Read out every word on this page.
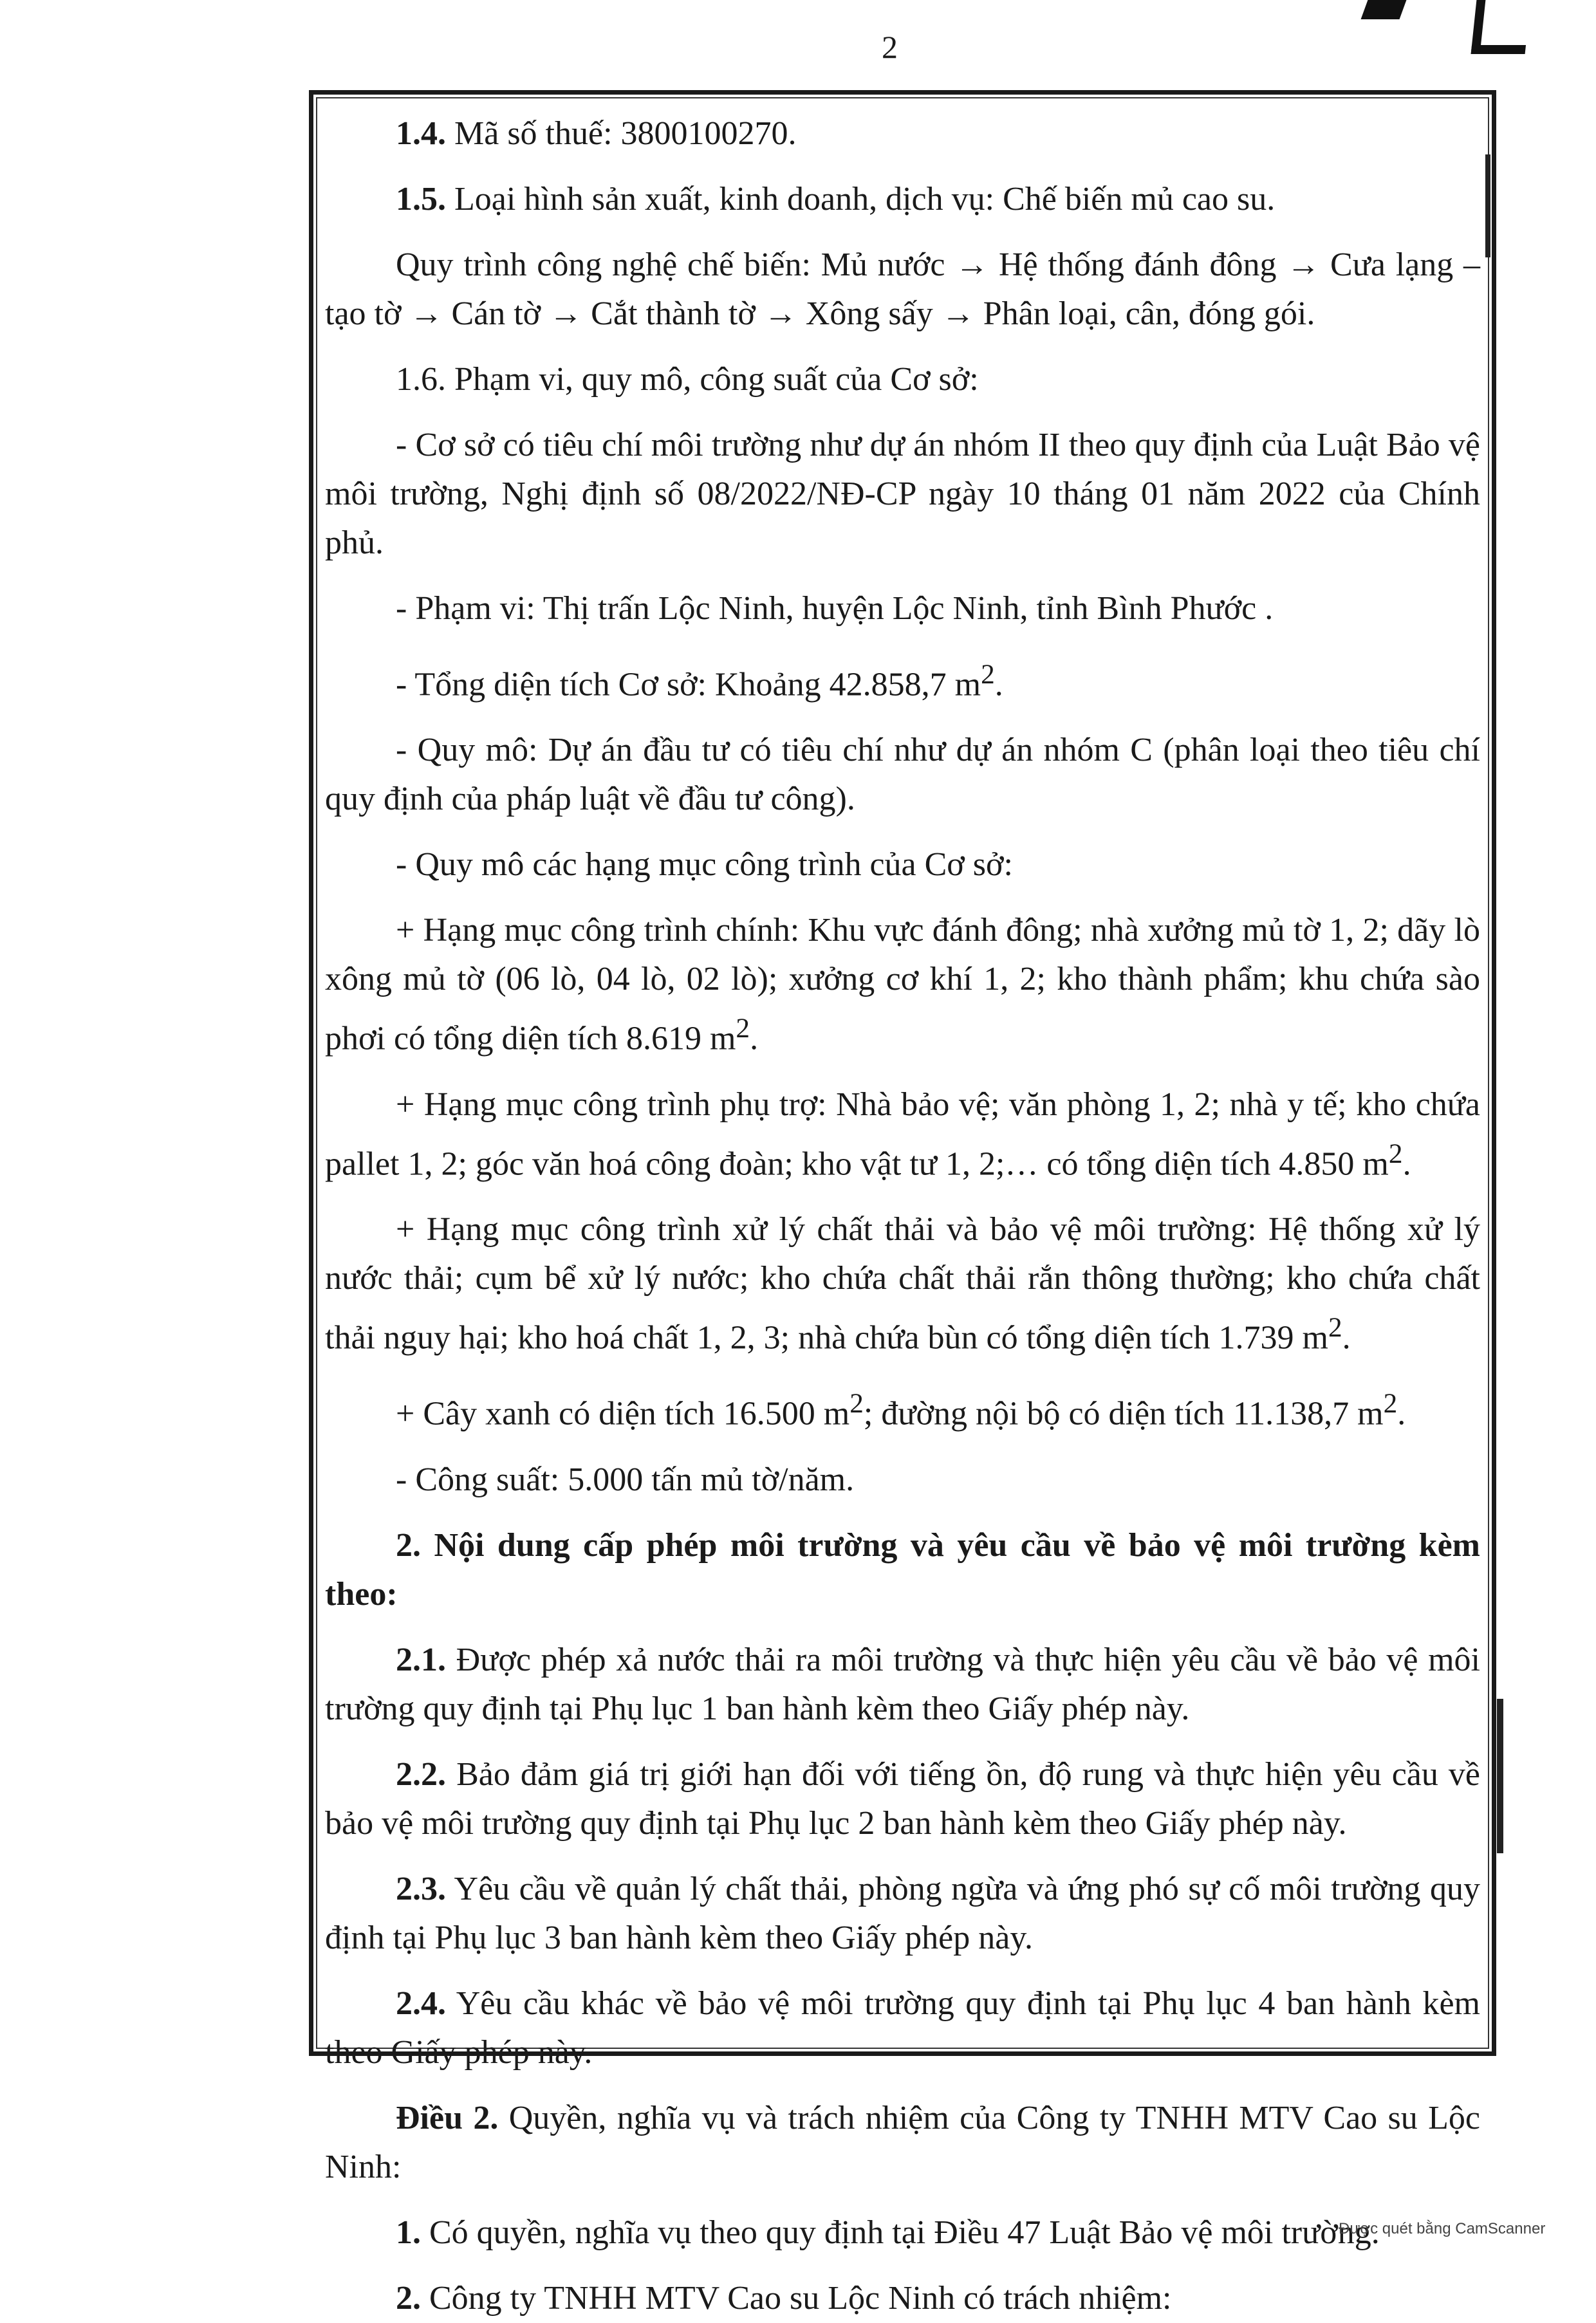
2

1.4. Mã số thuế: 3800100270.

1.5. Loại hình sản xuất, kinh doanh, dịch vụ: Chế biến mủ cao su.

Quy trình công nghệ chế biến: Mủ nước → Hệ thống đánh đông → Cưa lạng – tạo tờ → Cán tờ → Cắt thành tờ → Xông sấy → Phân loại, cân, đóng gói.

1.6. Phạm vi, quy mô, công suất của Cơ sở:

- Cơ sở có tiêu chí môi trường như dự án nhóm II theo quy định của Luật Bảo vệ môi trường, Nghị định số 08/2022/NĐ-CP ngày 10 tháng 01 năm 2022 của Chính phủ.

- Phạm vi: Thị trấn Lộc Ninh, huyện Lộc Ninh, tỉnh Bình Phước .

- Tổng diện tích Cơ sở: Khoảng 42.858,7 $m^2$.

- Quy mô: Dự án đầu tư có tiêu chí như dự án nhóm C (phân loại theo tiêu chí quy định của pháp luật về đầu tư công).

- Quy mô các hạng mục công trình của Cơ sở:

+ Hạng mục công trình chính: Khu vực đánh đông; nhà xưởng mủ tờ 1, 2; dãy lò xông mủ tờ (06 lò, 04 lò, 02 lò); xưởng cơ khí 1, 2; kho thành phẩm; khu chứa sào phơi có tổng diện tích 8.619 $m^2$.

+ Hạng mục công trình phụ trợ: Nhà bảo vệ; văn phòng 1, 2; nhà y tế; kho chứa pallet 1, 2; góc văn hoá công đoàn; kho vật tư 1, 2;… có tổng diện tích 4.850 $m^2$.

+ Hạng mục công trình xử lý chất thải và bảo vệ môi trường: Hệ thống xử lý nước thải; cụm bể xử lý nước; kho chứa chất thải rắn thông thường; kho chứa chất thải nguy hại; kho hoá chất 1, 2, 3; nhà chứa bùn có tổng diện tích 1.739 $m^2$.

+ Cây xanh có diện tích 16.500 $m^2$; đường nội bộ có diện tích 11.138,7 $m^2$.

- Công suất: 5.000 tấn mủ tờ/năm.

2. Nội dung cấp phép môi trường và yêu cầu về bảo vệ môi trường kèm theo:

2.1. Được phép xả nước thải ra môi trường và thực hiện yêu cầu về bảo vệ môi trường quy định tại Phụ lục 1 ban hành kèm theo Giấy phép này.

2.2. Bảo đảm giá trị giới hạn đối với tiếng ồn, độ rung và thực hiện yêu cầu về bảo vệ môi trường quy định tại Phụ lục 2 ban hành kèm theo Giấy phép này.

2.3. Yêu cầu về quản lý chất thải, phòng ngừa và ứng phó sự cố môi trường quy định tại Phụ lục 3 ban hành kèm theo Giấy phép này.

2.4. Yêu cầu khác về bảo vệ môi trường quy định tại Phụ lục 4 ban hành kèm theo Giấy phép này.

Điều 2. Quyền, nghĩa vụ và trách nhiệm của Công ty TNHH MTV Cao su Lộc Ninh:

1. Có quyền, nghĩa vụ theo quy định tại Điều 47 Luật Bảo vệ môi trường.

2. Công ty TNHH MTV Cao su Lộc Ninh có trách nhiệm:

Được quét bằng CamScanner
